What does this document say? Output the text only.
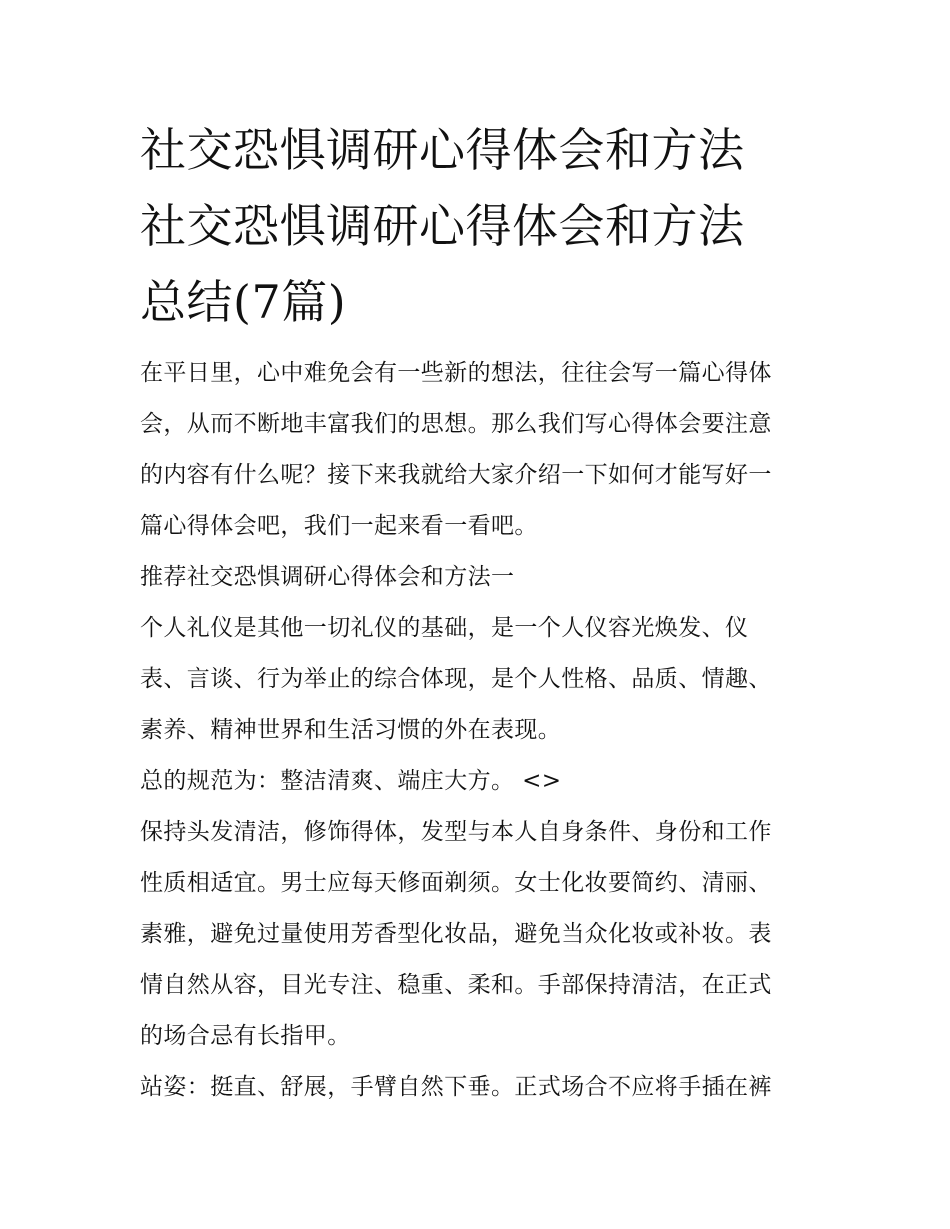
社交恐惧调研心得体会和方法
社交恐惧调研心得体会和方法
总结(7篇)

在平日里，心中难免会有一些新的想法，往往会写一篇心得体
会，从而不断地丰富我们的思想。那么我们写心得体会要注意
的内容有什么呢？接下来我就给大家介绍一下如何才能写好一
篇心得体会吧，我们一起来看一看吧。

推荐社交恐惧调研心得体会和方法一

个人礼仪是其他一切礼仪的基础，是一个人仪容光焕发、仪
表、言谈、行为举止的综合体现，是个人性格、品质、情趣、
素养、精神世界和生活习惯的外在表现。

总的规范为：整洁清爽、端庄大方。 <>

保持头发清洁，修饰得体，发型与本人自身条件、身份和工作
性质相适宜。男士应每天修面剃须。女士化妆要简约、清丽、
素雅，避免过量使用芳香型化妆品，避免当众化妆或补妆。表
情自然从容，目光专注、稳重、柔和。手部保持清洁，在正式
的场合忌有长指甲。

站姿：挺直、舒展，手臂自然下垂。正式场合不应将手插在裤
